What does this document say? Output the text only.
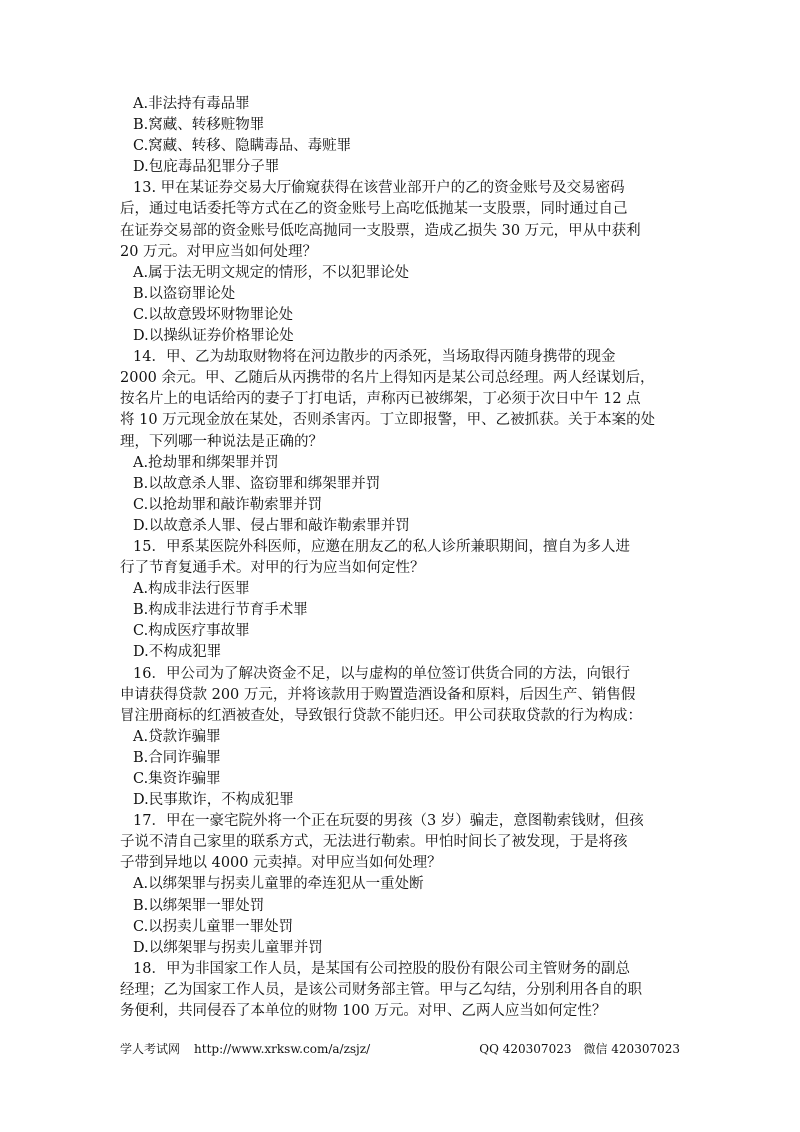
A.非法持有毒品罪
B.窝藏、转移赃物罪
C.窝藏、转移、隐瞒毒品、毒赃罪
D.包庇毒品犯罪分子罪
13. 甲在某证券交易大厅偷窥获得在该营业部开户的乙的资金账号及交易密码
后，通过电话委托等方式在乙的资金账号上高吃低抛某一支股票，同时通过自己
在证券交易部的资金账号低吃高抛同一支股票，造成乙损失 30 万元，甲从中获利
20 万元。对甲应当如何处理？
A.属于法无明文规定的情形，不以犯罪论处
B.以盗窃罪论处
C.以故意毁坏财物罪论处
D.以操纵证券价格罪论处
14．甲、乙为劫取财物将在河边散步的丙杀死，当场取得丙随身携带的现金
2000 余元。甲、乙随后从丙携带的名片上得知丙是某公司总经理。两人经谋划后，
按名片上的电话给丙的妻子丁打电话，声称丙已被绑架，丁必须于次日中午 12 点
将 10 万元现金放在某处，否则杀害丙。丁立即报警，甲、乙被抓获。关于本案的处
理，下列哪一种说法是正确的？
A.抢劫罪和绑架罪并罚
B.以故意杀人罪、盗窃罪和绑架罪并罚
C.以抢劫罪和敲诈勒索罪并罚
D.以故意杀人罪、侵占罪和敲诈勒索罪并罚
15．甲系某医院外科医师，应邀在朋友乙的私人诊所兼职期间，擅自为多人进
行了节育复通手术。对甲的行为应当如何定性？
A.构成非法行医罪
B.构成非法进行节育手术罪
C.构成医疗事故罪
D.不构成犯罪
16．甲公司为了解决资金不足，以与虚构的单位签订供货合同的方法，向银行
申请获得贷款 200 万元，并将该款用于购置造酒设备和原料，后因生产、销售假
冒注册商标的红酒被查处，导致银行贷款不能归还。甲公司获取贷款的行为构成：
A.贷款诈骗罪
B.合同诈骗罪
C.集资诈骗罪
D.民事欺诈，不构成犯罪
17．甲在一豪宅院外将一个正在玩耍的男孩（3 岁）骗走，意图勒索钱财，但孩
子说不清自己家里的联系方式，无法进行勒索。甲怕时间长了被发现，于是将孩
子带到异地以 4000 元卖掉。对甲应当如何处理？
A.以绑架罪与拐卖儿童罪的牵连犯从一重处断
B.以绑架罪一罪处罚
C.以拐卖儿童罪一罪处罚
D.以绑架罪与拐卖儿童罪并罚
18．甲为非国家工作人员，是某国有公司控股的股份有限公司主管财务的副总
经理；乙为国家工作人员，是该公司财务部主管。甲与乙勾结，分别利用各自的职
务便利，共同侵吞了本单位的财物 100 万元。对甲、乙两人应当如何定性？
学人考试网 http://www.xrksw.com/a/zsjz/	QQ 420307023 微信 420307023
